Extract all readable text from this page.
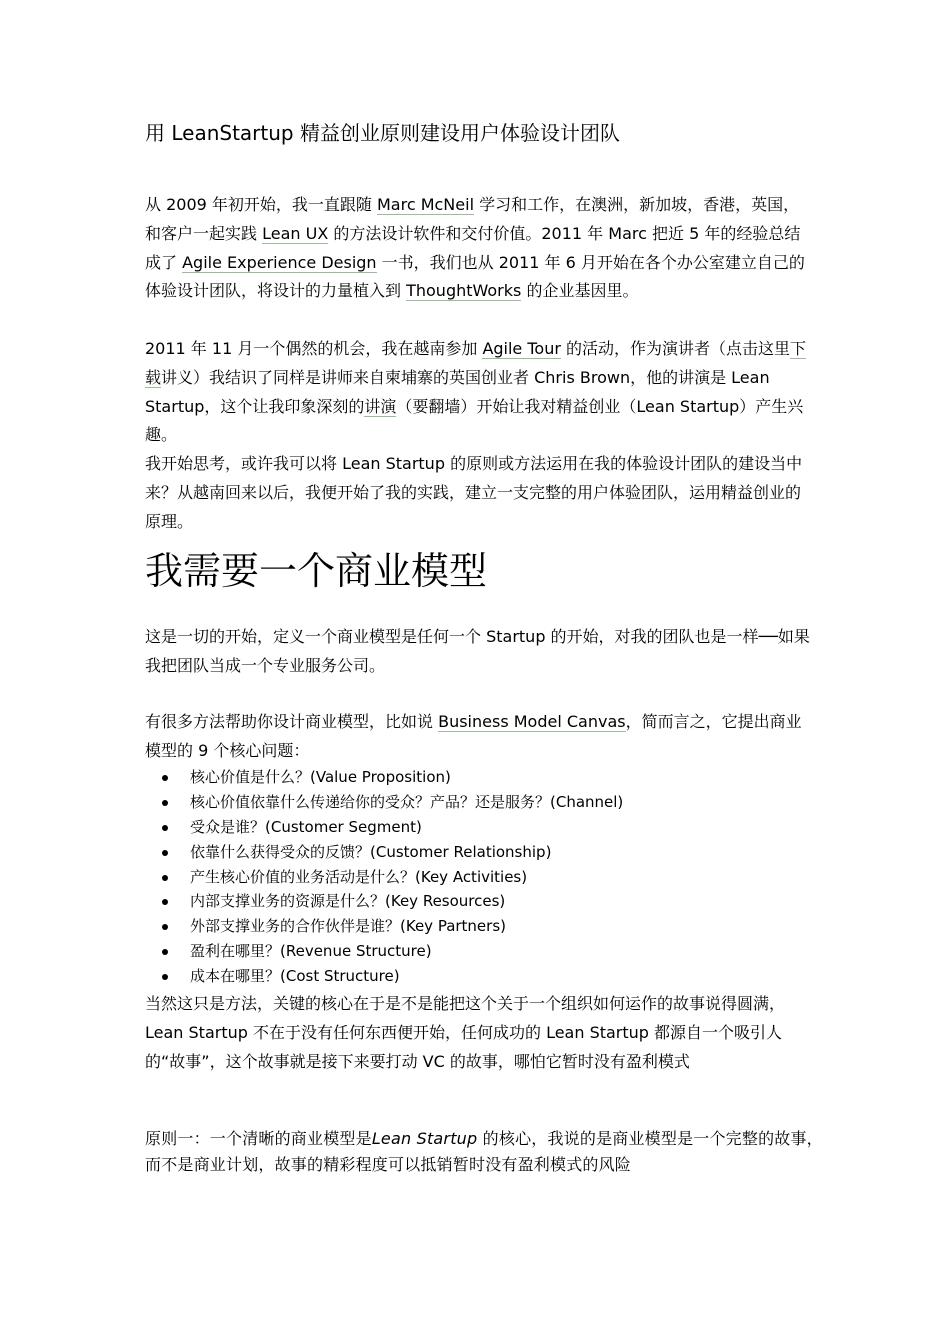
用 LeanStartup 精益创业原则建设用户体验设计团队
从 2009 年初开始，我一直跟随 Marc McNeil 学习和工作，在澳洲，新加坡，香港，英国，和客户一起实践 Lean UX 的方法设计软件和交付价值。2011 年 Marc 把近 5 年的经验总结成了 Agile Experience Design 一书，我们也从 2011 年 6 月开始在各个办公室建立自己的体验设计团队，将设计的力量植入到 ThoughtWorks 的企业基因里。
2011 年 11 月一个偶然的机会，我在越南参加 Agile Tour 的活动，作为演讲者（点击这里下载讲义）我结识了同样是讲师来自柬埔寨的英国创业者 Chris Brown，他的讲演是 Lean Startup，这个让我印象深刻的讲演（要翻墙）开始让我对精益创业（Lean Startup）产生兴趣。
我开始思考，或许我可以将 Lean Startup 的原则或方法运用在我的体验设计团队的建设当中来？从越南回来以后，我便开始了我的实践，建立一支完整的用户体验团队，运用精益创业的原理。
我需要一个商业模型
这是一切的开始，定义一个商业模型是任何一个 Startup 的开始，对我的团队也是一样──如果我把团队当成一个专业服务公司。
有很多方法帮助你设计商业模型，比如说 Business Model Canvas，简而言之，它提出商业模型的 9 个核心问题：
核心价值是什么？(Value Proposition)
核心价值依靠什么传递给你的受众？产品？还是服务？(Channel)
受众是谁？(Customer Segment)
依靠什么获得受众的反馈？(Customer Relationship)
产生核心价值的业务活动是什么？(Key Activities)
内部支撑业务的资源是什么？(Key Resources)
外部支撑业务的合作伙伴是谁？(Key Partners)
盈利在哪里？(Revenue Structure)
成本在哪里？(Cost Structure)
当然这只是方法，关键的核心在于是不是能把这个关于一个组织如何运作的故事说得圆满，Lean Startup 不在于没有任何东西便开始，任何成功的 Lean Startup 都源自一个吸引人的“故事”，这个故事就是接下来要打动 VC 的故事，哪怕它暂时没有盈利模式
原则一：一个清晰的商业模型是Lean Startup 的核心，我说的是商业模型是一个完整的故事，而不是商业计划，故事的精彩程度可以抵销暂时没有盈利模式的风险
